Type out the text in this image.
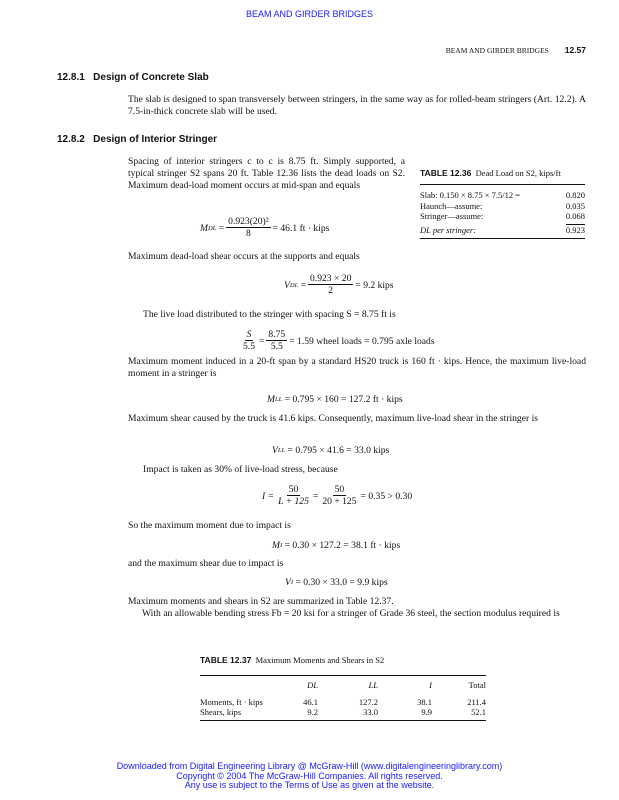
BEAM AND GIRDER BRIDGES
BEAM AND GIRDER BRIDGES 12.57
12.8.1 Design of Concrete Slab
The slab is designed to span transversely between stringers, in the same way as for rolled-beam stringers (Art. 12.2). A 7.5-in-thick concrete slab will be used.
12.8.2 Design of Interior Stringer
Spacing of interior stringers c to c is 8.75 ft. Simply supported, a typical stringer S2 spans 20 ft. Table 12.36 lists the dead loads on S2. Maximum dead-load moment occurs at mid-span and equals
TABLE 12.36 Dead Load on S2, kips/ft
Slab: 0.150 × 8.75 × 7.5/12 =	0.820
Haunch—assume:	0.035
Stringer—assume:	0.068
DL per stringer:	0.923
M DL = $\frac{\text{0.923(20)²}}{8} = 46.1$ ft · kips
Maximum dead-load shear occurs at the supports and equals
V DL = $\frac{0.923 \times 20}{2} = 9.2$ kips
The live load distributed to the stringer with spacing S = 8.75 ft is
$\frac{S}{5.5} = \frac{8.75}{5.5} = 1.59$ wheel loads = 0.795 axle loads
Maximum moment induced in a 20-ft span by a standard HS20 truck is 160 ft · kips. Hence, the maximum live-load moment in a stringer is
M LL
= 0.795 × 160 = 127.2 ft · kips
Maximum shear caused by the truck is 41.6 kips. Consequently, maximum live-load shear in the stringer is
V LL
= 0.795 × 41.6 = 33.0 kips
Impact is taken as 30% of live-load stress, because
$I = \frac{50}{L + 125} = \frac{50}{20 + 125} = 0.35 > 0.30$
So the maximum moment due to impact is
M I
= 0.30 × 127.2 = 38.1 ft · kips
and the maximum shear due to impact is
V I
= 0.30 × 33.0 = 9.9 kips
Maximum moments and shears in S2 are summarized in Table 12.37.
With an allowable bending stress Fb = 20 ksi for a stringer of Grade 36 steel, the section modulus required is
TABLE 12.37 Maximum Moments and Shears in S2
	DL	LL	I	Total

Moments, ft · kips	46.1	127.2	38.1	211.4
Shears, kips	9.2	33.0	9.9	52.1
Downloaded from Digital Engineering Library @ McGraw-Hill (www.digitalengineeringlibrary.com)
Copyright © 2004 The McGraw-Hill Companies. All rights reserved.
Any use is subject to the Terms of Use as given at the website.
